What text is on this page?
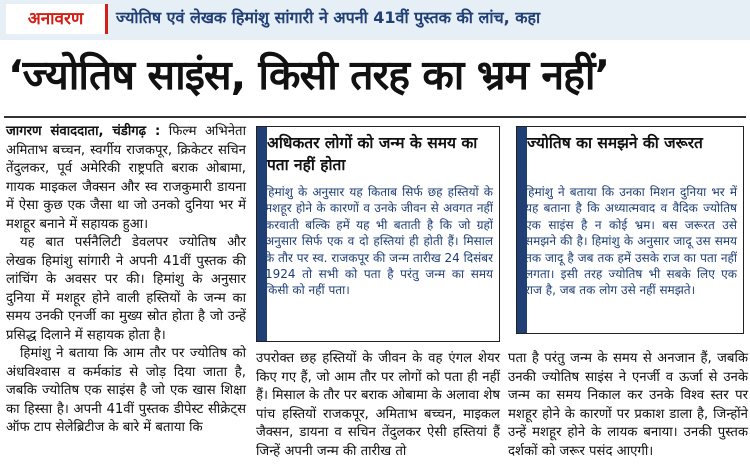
अनावरण	ज्योतिष एवं लेखक हिमांशु सांगारी ने अपनी 41वीं पुस्तक की लांच, कहा
‘ज्योतिष साइंस, किसी तरह का भ्रम नहीं’

जागरण संवाददाता, चंडीगढ़ : फिल्म अभिनेता अमिताभ बच्चन, स्वर्गीय राजकपूर, क्रिकेटर सचिन तेंदुलकर, पूर्व अमेरिकी राष्ट्रपति बराक ओबामा, गायक माइकल जैक्सन और स्व राजकुमारी डायना में ऐसा कुछ एक जैसा था जो उनको दुनिया भर में मशहूर बनाने में सहायक हुआ।

यह बात पर्सनैलिटी डेवलपर ज्योतिष और लेखक हिमांशु सांगारी ने अपनी 41वीं पुस्तक की लांचिंग के अवसर पर की। हिमांशु के अनुसार दुनिया में मशहूर होने वाली हस्तियों के जन्म का समय उनकी एनर्जी का मुख्य स्रोत होता है जो उन्हें प्रसिद्ध दिलाने में सहायक होता है।

हिमांशु ने बताया कि आम तौर पर ज्योतिष को अंधविश्वास व कर्मकांड से जोड़ दिया जाता है, जबकि ज्योतिष एक साइंस है जो एक खास शिक्षा का हिस्सा है। अपनी 41वीं पुस्तक डीपेस्ट सीक्रेट्स ऑफ टाप सेलेब्रिटीज के बारे में बताया कि

अधिकतर लोगों को जन्म के समय का पता नहीं होता
हिमांशु के अनुसार यह किताब सिर्फ छह हस्तियों के मशहूर होने के कारणों व उनके जीवन से अवगत नहीं करवाती बल्कि हमें यह भी बताती है कि जो ग्रहों अनुसार सिर्फ एक व दो हस्तियां ही होती हैं। मिसाल के तौर पर स्व. राजकपूर की जन्म तारीख 24 दिसंबर 1924 तो सभी को पता है परंतु जन्म का समय किसी को नहीं पता।
ज्योतिष का समझने की जरूरत
हिमांशु ने बताया कि उनका मिशन दुनिया भर में यह बताना है कि अध्यात्मवाद व वैदिक ज्योतिष एक साइंस है न कोई भ्रम। बस जरूरत उसे समझने की है। हिमांशु के अनुसार जादू उस समय तक जादू है जब तक हमें उसके राज का पता नहीं लगता। इसी तरह ज्योतिष भी सबके लिए एक राज है, जब तक लोग उसे नहीं समझते।

उपरोक्त छह हस्तियों के जीवन के वह एंगल शेयर किए गए हैं, जो आम तौर पर लोगों को पता ही नहीं हैं। मिसाल के तौर पर बराक ओबामा के अलावा शेष पांच हस्तियों राजकपूर, अमिताभ बच्चन, माइकल जैक्सन, डायना व सचिन तेंदुलकर ऐसी हस्तियां हैं जिन्हें अपनी जन्म की तारीख तो

पता है परंतु जन्म के समय से अनजान हैं, जबकि उनकी ज्योतिष साइंस ने एनर्जी व ऊर्जा से उनके जन्म का समय निकाल कर उनके विश्व स्तर पर मशहूर होने के कारणों पर प्रकाश डाला है, जिन्होंने उन्हें मशहूर होने के लायक बनाया। उनकी पुस्तक दर्शकों को जरूर पसंद आएगी।
